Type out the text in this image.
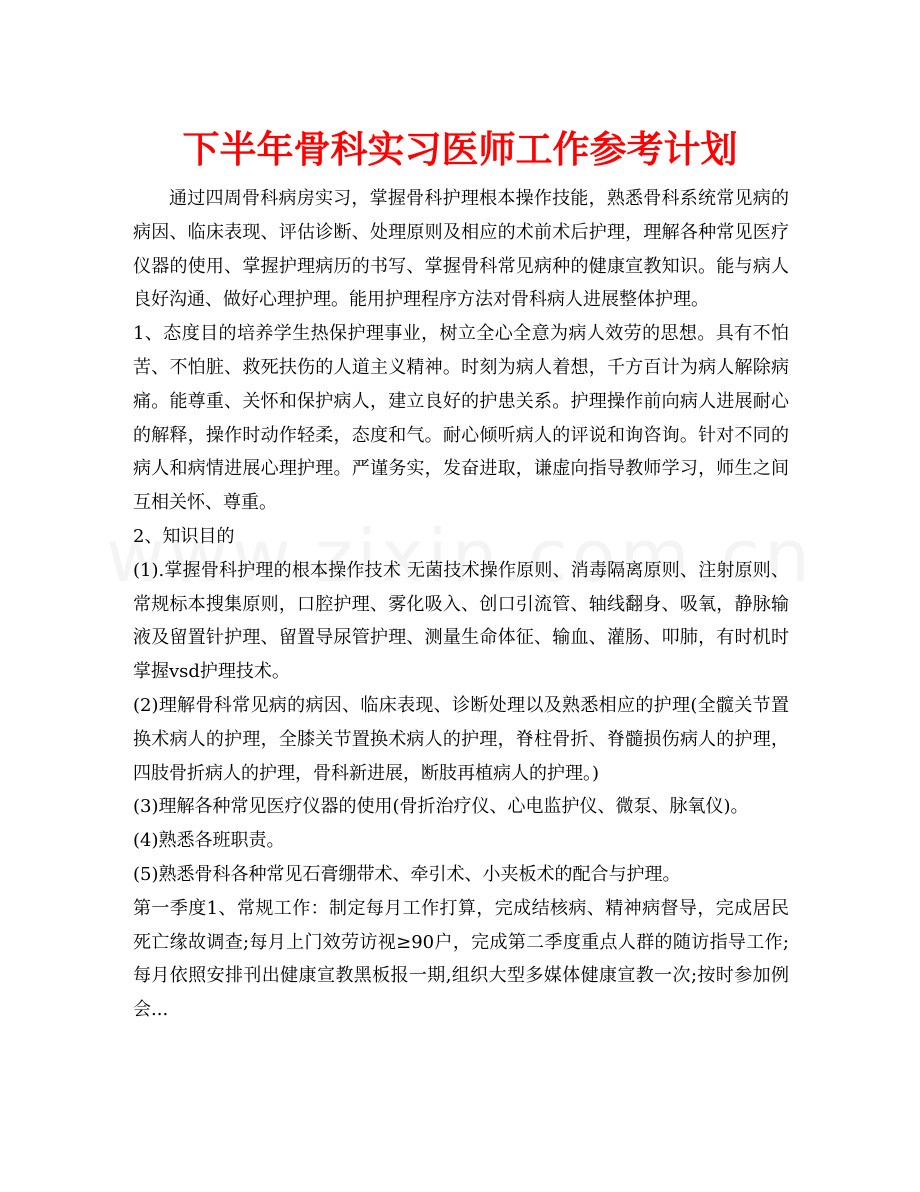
下半年骨科实习医师工作参考计划

通过四周骨科病房实习，掌握骨科护理根本操作技能，熟悉骨科系统常见病的病因、临床表现、评估诊断、处理原则及相应的术前术后护理，理解各种常见医疗仪器的使用、掌握护理病历的书写、掌握骨科常见病种的健康宣教知识。能与病人良好沟通、做好心理护理。能用护理程序方法对骨科病人进展整体护理。

1、态度目的培养学生热保护理事业，树立全心全意为病人效劳的思想。具有不怕苦、不怕脏、救死扶伤的人道主义精神。时刻为病人着想，千方百计为病人解除病痛。能尊重、关怀和保护病人，建立良好的护患关系。护理操作前向病人进展耐心的解释，操作时动作轻柔，态度和气。耐心倾听病人的评说和询咨询。针对不同的病人和病情进展心理护理。严谨务实，发奋进取，谦虚向指导教师学习，师生之间互相关怀、尊重。

2、知识目的

(1).掌握骨科护理的根本操作技术 无菌技术操作原则、消毒隔离原则、注射原则、常规标本搜集原则，口腔护理、雾化吸入、创口引流管、轴线翻身、吸氧，静脉输液及留置针护理、留置导尿管护理、测量生命体征、输血、灌肠、叩肺，有时机时掌握vsd护理技术。

(2)理解骨科常见病的病因、临床表现、诊断处理以及熟悉相应的护理(全髋关节置换术病人的护理，全膝关节置换术病人的护理，脊柱骨折、脊髓损伤病人的护理，四肢骨折病人的护理，骨科新进展，断肢再植病人的护理。)

(3)理解各种常见医疗仪器的使用(骨折治疗仪、心电监护仪、微泵、脉氧仪)。

(4)熟悉各班职责。

(5)熟悉骨科各种常见石膏绷带术、牵引术、小夹板术的配合与护理。

第一季度1、常规工作：制定每月工作打算，完成结核病、精神病督导，完成居民死亡缘故调查;每月上门效劳访视≥90户，完成第二季度重点人群的随访指导工作;每月依照安排刊出健康宣教黑板报一期,组织大型多媒体健康宣教一次;按时参加例会...
